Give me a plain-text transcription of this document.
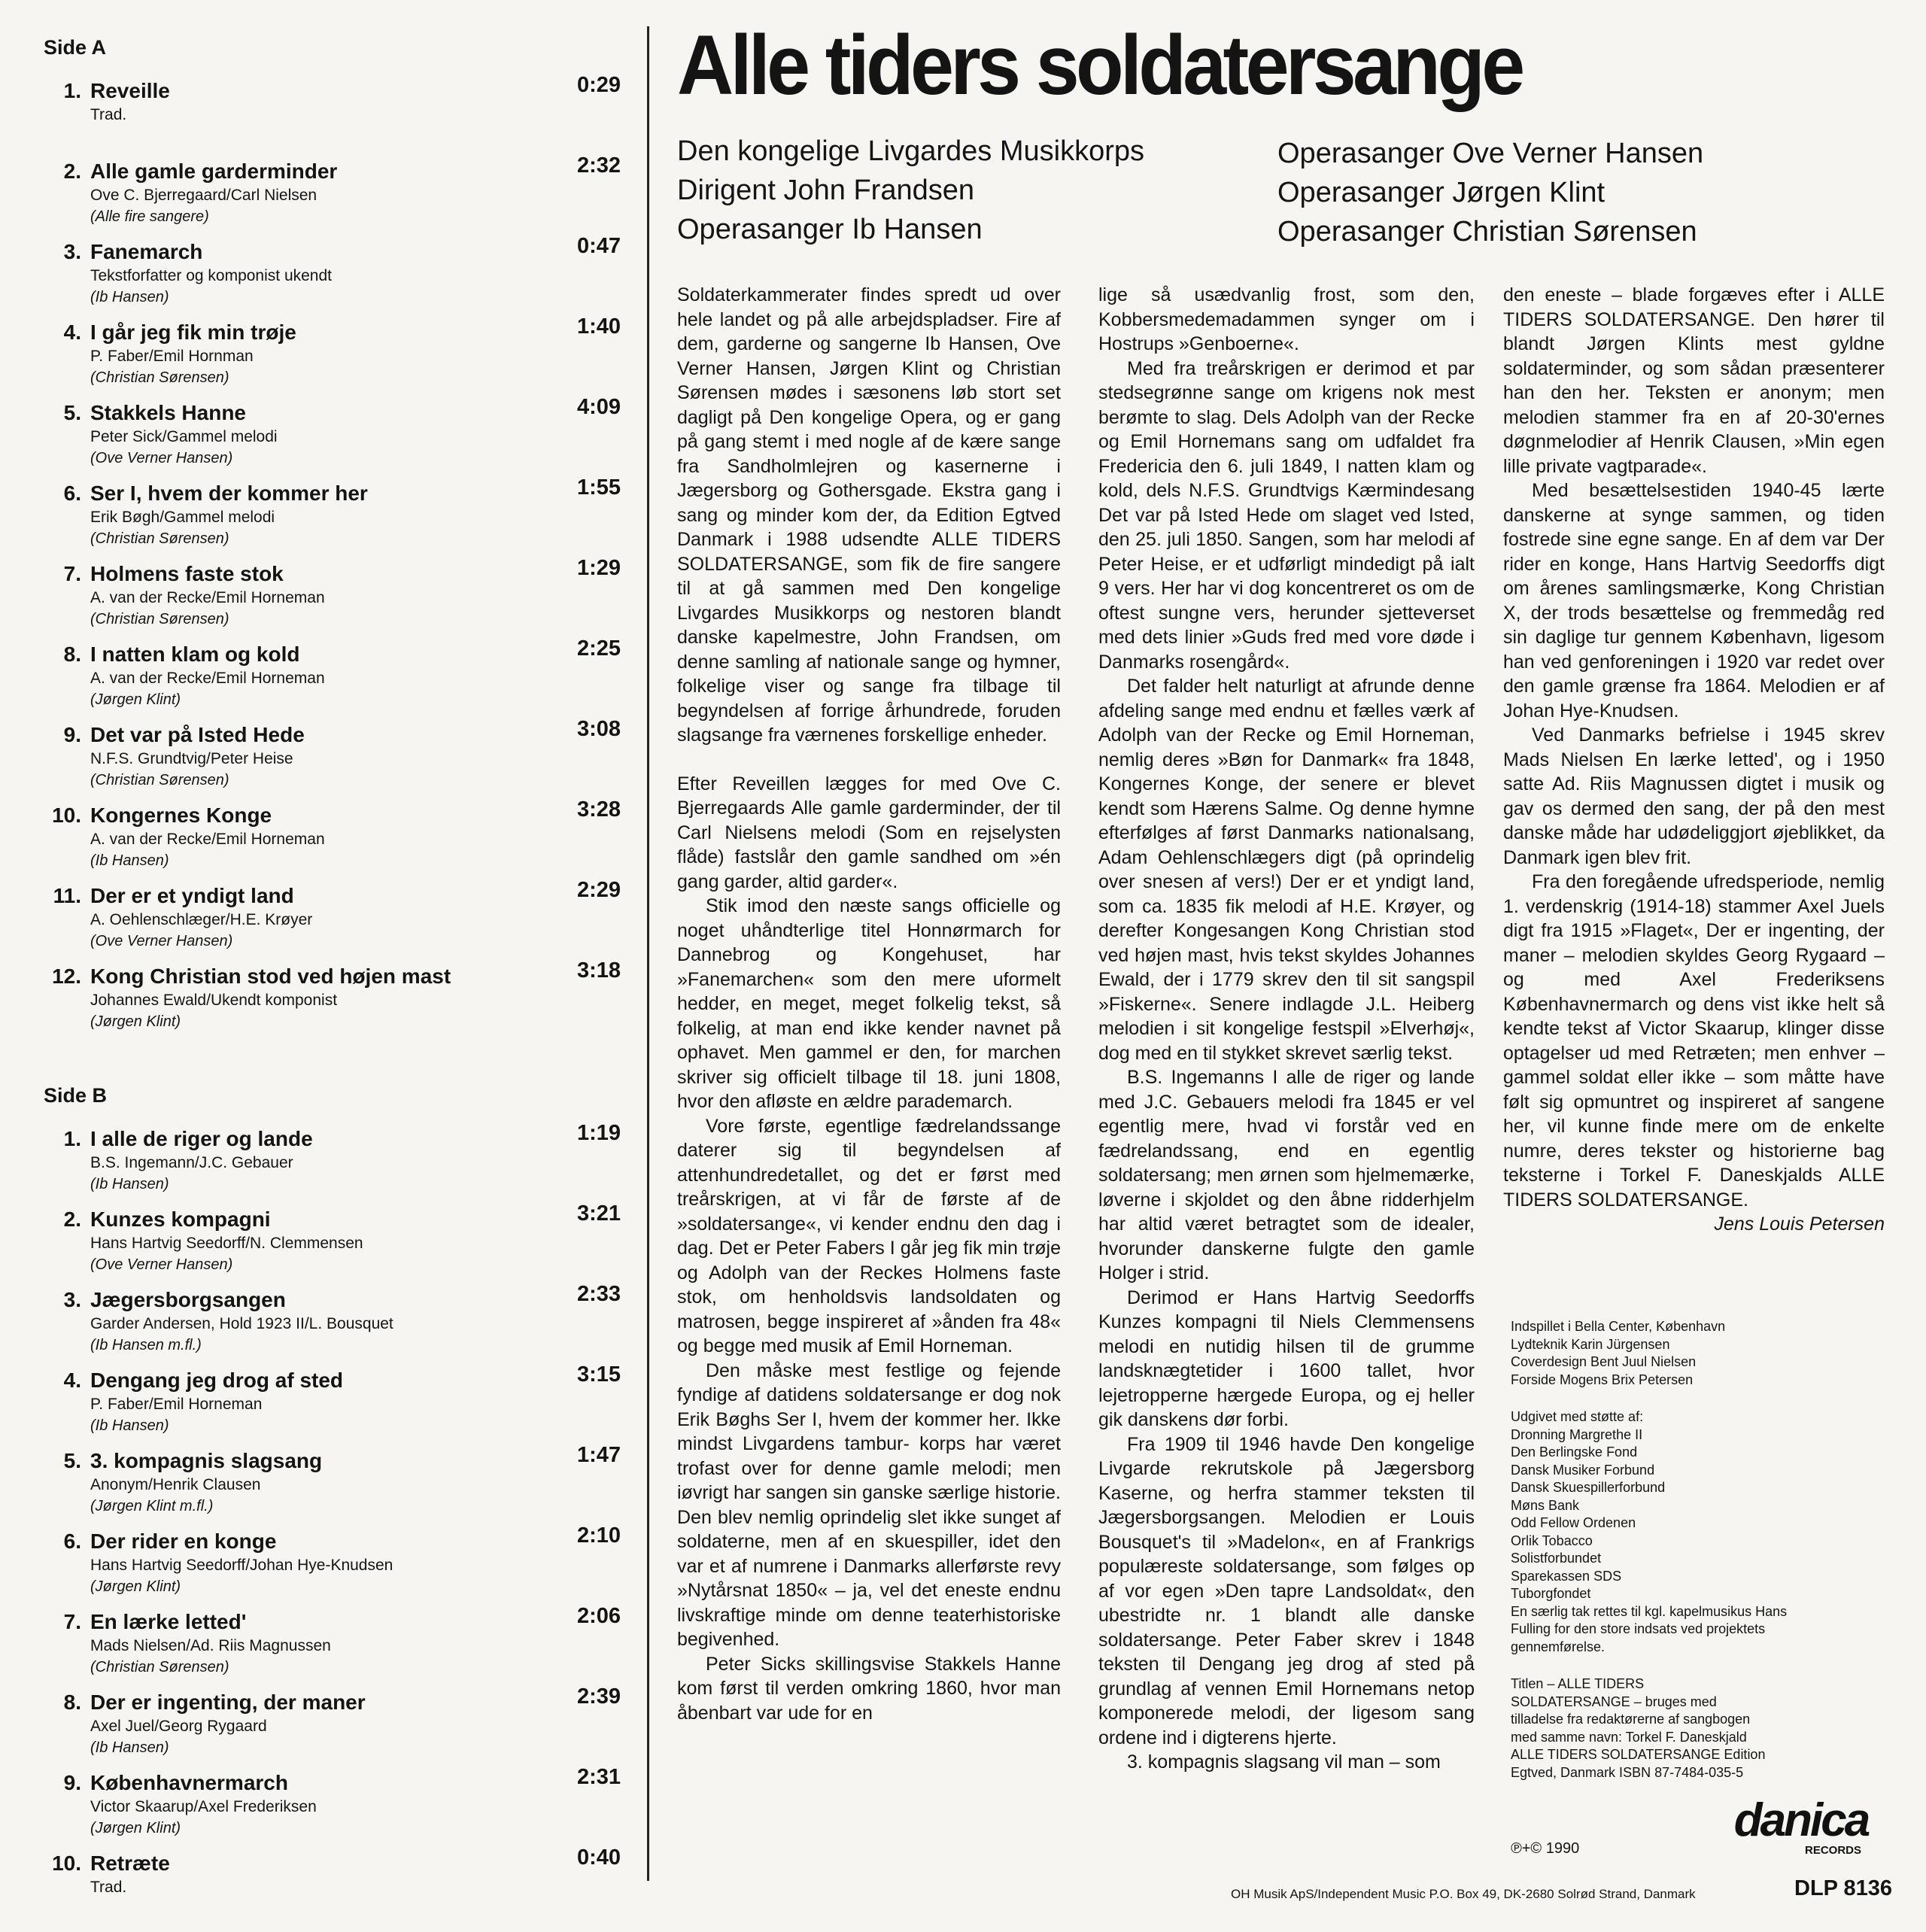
Side A
1. Reveille	0:29
Trad.
2. Alle gamle garderminder	2:32
Ove C. Bjerregaard/Carl Nielsen
(Alle fire sangere)
3. Fanemarch	0:47
Tekstforfatter og komponist ukendt
(Ib Hansen)
4. I går jeg fik min trøje	1:40
P. Faber/Emil Hornman
(Christian Sørensen)
5. Stakkels Hanne	4:09
Peter Sick/Gammel melodi
(Ove Verner Hansen)
6. Ser I, hvem der kommer her	1:55
Erik Bøgh/Gammel melodi
(Christian Sørensen)
7. Holmens faste stok	1:29
A. van der Recke/Emil Horneman
(Christian Sørensen)
8. I natten klam og kold	2:25
A. van der Recke/Emil Horneman
(Jørgen Klint)
9. Det var på Isted Hede	3:08
N.F.S. Grundtvig/Peter Heise
(Christian Sørensen)
10. Kongernes Konge	3:28
A. van der Recke/Emil Horneman
(Ib Hansen)
11. Der er et yndigt land	2:29
A. Oehlenschlæger/H.E. Krøyer
(Ove Verner Hansen)
12. Kong Christian stod ved højen mast	3:18
Johannes Ewald/Ukendt komponist
(Jørgen Klint)
Side B
1. I alle de riger og lande	1:19
B.S. Ingemann/J.C. Gebauer
(Ib Hansen)
2. Kunzes kompagni	3:21
Hans Hartvig Seedorff/N. Clemmensen
(Ove Verner Hansen)
3. Jægersborgsangen	2:33
Garder Andersen, Hold 1923 II/L. Bousquet
(Ib Hansen m.fl.)
4. Dengang jeg drog af sted	3:15
P. Faber/Emil Horneman
(Ib Hansen)
5. 3. kompagnis slagsang	1:47
Anonym/Henrik Clausen
(Jørgen Klint m.fl.)
6. Der rider en konge	2:10
Hans Hartvig Seedorff/Johan Hye-Knudsen
(Jørgen Klint)
7. En lærke letted'	2:06
Mads Nielsen/Ad. Riis Magnussen
(Christian Sørensen)
8. Der er ingenting, der maner	2:39
Axel Juel/Georg Rygaard
(Ib Hansen)
9. Københavnermarch	2:31
Victor Skaarup/Axel Frederiksen
(Jørgen Klint)
10. Retræte	0:40
Trad.
Alle tiders soldatersange
Den kongelige Livgardes Musikkorps
Dirigent John Frandsen
Operasanger Ib Hansen
Operasanger Ove Verner Hansen
Operasanger Jørgen Klint
Operasanger Christian Sørensen

Soldaterkammerater findes spredt ud over hele landet og på alle arbejdspladser. Fire af dem, garderne og sangerne Ib Hansen, Ove Verner Hansen, Jørgen Klint og Christian Sørensen mødes i sæsonens løb stort set dagligt på Den kongelige Opera, og er gang på gang stemt i med nogle af de kære sange fra Sandholmlejren og kasernerne i Jægersborg og Gothersgade. Ekstra gang i sang og minder kom der, da Edition Egtved Danmark i 1988 udsendte ALLE TIDERS SOLDATERSANGE, som fik de fire sangere til at gå sammen med Den kongelige Livgardes Musikkorps og nestoren blandt danske kapelmestre, John Frandsen, om denne samling af nationale sange og hymner, folkelige viser og sange fra tilbage til begyndelsen af forrige århundrede, foruden slagsange fra værnenes forskellige enheder.

Efter Reveillen lægges for med Ove C. Bjerregaards Alle gamle garderminder, der til Carl Nielsens melodi (Som en rejselysten flåde) fastslår den gamle sandhed om »én gang garder, altid garder«.

Stik imod den næste sangs officielle og noget uhåndterlige titel Honnørmarch for Dannebrog og Kongehuset, har »Fanemarchen« som den mere uformelt hedder, en meget, meget folkelig tekst, så folkelig, at man end ikke kender navnet på ophavet. Men gammel er den, for marchen skriver sig officielt tilbage til 18. juni 1808, hvor den afløste en ældre parademarch.

Vore første, egentlige fædrelandssange daterer sig til begyndelsen af attenhundredetallet, og det er først med treårskrigen, at vi får de første af de »soldatersange«, vi kender endnu den dag i dag. Det er Peter Fabers I går jeg fik min trøje og Adolph van der Reckes Holmens faste stok, om henholdsvis landsoldaten og matrosen, begge inspireret af »ånden fra 48« og begge med musik af Emil Horneman.

Den måske mest festlige og fejende fyndige af datidens soldatersange er dog nok Erik Bøghs Ser I, hvem der kommer her. Ikke mindst Livgardens tambur- korps har været trofast over for denne gamle melodi; men iøvrigt har sangen sin ganske særlige historie. Den blev nemlig oprindelig slet ikke sunget af soldaterne, men af en skuespiller, idet den var et af numrene i Danmarks allerførste revy »Nytårsnat 1850« – ja, vel det eneste endnu livskraftige minde om denne teaterhistoriske begivenhed.

Peter Sicks skillingsvise Stakkels Hanne kom først til verden omkring 1860, hvor man åbenbart var ude for en

lige så usædvanlig frost, som den, Kobbersmedemadammen synger om i Hostrups »Genboerne«.

Med fra treårskrigen er derimod et par stedsegrønne sange om krigens nok mest berømte to slag. Dels Adolph van der Recke og Emil Hornemans sang om udfaldet fra Fredericia den 6. juli 1849, I natten klam og kold, dels N.F.S. Grundtvigs Kærmindesang Det var på Isted Hede om slaget ved Isted, den 25. juli 1850. Sangen, som har melodi af Peter Heise, er et udførligt mindedigt på ialt 9 vers. Her har vi dog koncentreret os om de oftest sungne vers, herunder sjetteverset med dets linier »Guds fred med vore døde i Danmarks rosengård«.

Det falder helt naturligt at afrunde denne afdeling sange med endnu et fælles værk af Adolph van der Recke og Emil Horneman, nemlig deres »Bøn for Danmark« fra 1848, Kongernes Konge, der senere er blevet kendt som Hærens Salme. Og denne hymne efterfølges af først Danmarks nationalsang, Adam Oehlenschlægers digt (på oprindelig over snesen af vers!) Der er et yndigt land, som ca. 1835 fik melodi af H.E. Krøyer, og derefter Kongesangen Kong Christian stod ved højen mast, hvis tekst skyldes Johannes Ewald, der i 1779 skrev den til sit sangspil »Fiskerne«. Senere indlagde J.L. Heiberg melodien i sit kongelige festspil »Elverhøj«, dog med en til stykket skrevet særlig tekst.

B.S. Ingemanns I alle de riger og lande med J.C. Gebauers melodi fra 1845 er vel egentlig mere, hvad vi forstår ved en fædrelandssang, end en egentlig soldatersang; men ørnen som hjelmemærke, løverne i skjoldet og den åbne ridderhjelm har altid været betragtet som de idealer, hvorunder danskerne fulgte den gamle Holger i strid.

Derimod er Hans Hartvig Seedorffs Kunzes kompagni til Niels Clemmensens melodi en nutidig hilsen til de grumme landsknægtetider i 1600 tallet, hvor lejetropperne hærgede Europa, og ej heller gik danskens dør forbi.

Fra 1909 til 1946 havde Den kongelige Livgarde rekrutskole på Jægersborg Kaserne, og herfra stammer teksten til Jægersborgsangen. Melodien er Louis Bousquet's til »Madelon«, en af Frankrigs populæreste soldatersange, som følges op af vor egen »Den tapre Landsoldat«, den ubestridte nr. 1 blandt alle danske soldatersange. Peter Faber skrev i 1848 teksten til Dengang jeg drog af sted på grundlag af vennen Emil Hornemans netop komponerede melodi, der ligesom sang ordene ind i digterens hjerte.

3. kompagnis slagsang vil man – som

den eneste – blade forgæves efter i ALLE TIDERS SOLDATERSANGE. Den hører til blandt Jørgen Klints mest gyldne soldaterminder, og som sådan præsenterer han den her. Teksten er anonym; men melodien stammer fra en af 20-30'ernes døgnmelodier af Henrik Clausen, »Min egen lille private vagtparade«.

Med besættelsestiden 1940-45 lærte danskerne at synge sammen, og tiden fostrede sine egne sange. En af dem var Der rider en konge, Hans Hartvig Seedorffs digt om årenes samlingsmærke, Kong Christian X, der trods besættelse og fremmedåg red sin daglige tur gennem København, ligesom han ved genforeningen i 1920 var redet over den gamle grænse fra 1864. Melodien er af Johan Hye-Knudsen.

Ved Danmarks befrielse i 1945 skrev Mads Nielsen En lærke letted', og i 1950 satte Ad. Riis Magnussen digtet i musik og gav os dermed den sang, der på den mest danske måde har udødeliggjort øjeblikket, da Danmark igen blev frit.

Fra den foregående ufredsperiode, nemlig 1. verdenskrig (1914-18) stammer Axel Juels digt fra 1915 »Flaget«, Der er ingenting, der maner – melodien skyldes Georg Rygaard – og med Axel Frederiksens Københavnermarch og dens vist ikke helt så kendte tekst af Victor Skaarup, klinger disse optagelser ud med Retræten; men enhver – gammel soldat eller ikke – som måtte have følt sig opmuntret og inspireret af sangene her, vil kunne finde mere om de enkelte numre, deres tekster og historierne bag teksterne i Torkel F. Daneskjalds ALLE TIDERS SOLDATERSANGE.

Jens Louis Petersen
Indspillet i Bella Center, København
Lydteknik Karin Jürgensen
Coverdesign Bent Juul Nielsen
Forside Mogens Brix Petersen
Udgivet med støtte af:
Dronning Margrethe II
Den Berlingske Fond
Dansk Musiker Forbund
Dansk Skuespillerforbund
Møns Bank
Odd Fellow Ordenen
Orlik Tobacco
Solistforbundet
Sparekassen SDS
Tuborgfondet
En særlig tak rettes til kgl. kapelmusikus Hans Fulling for den store indsats ved projektets gennemførelse.
Titlen – ALLE TIDERS SOLDATERSANGE – bruges med tilladelse fra redaktørerne af sangbogen med samme navn: Torkel F. Daneskjald ALLE TIDERS SOLDATERSANGE Edition Egtved, Danmark ISBN 87-7484-035-5
℗+© 1990
danica
RECORDS
OH Musik ApS/Independent Music P.O. Box 49, DK-2680 Solrød Strand, Danmark	DLP 8136
